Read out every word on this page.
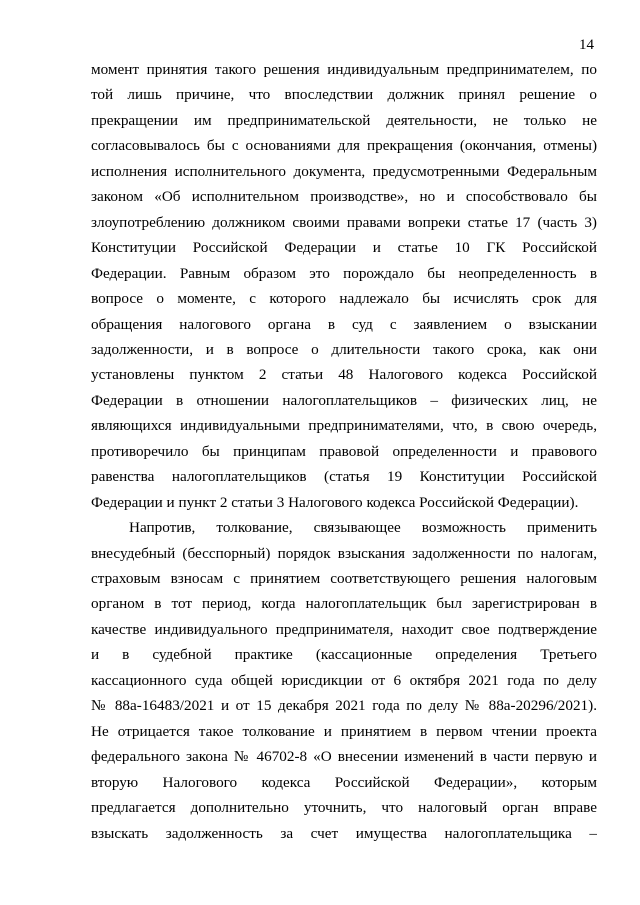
14
момент принятия такого решения индивидуальным предпринимателем, по
той лишь причине, что впоследствии должник принял решение о
прекращении им предпринимательской деятельности, не только не
согласовывалось бы с основаниями для прекращения (окончания, отмены)
исполнения исполнительного документа, предусмотренными Федеральным
законом «Об исполнительном производстве», но и способствовало бы
злоупотреблению должником своими правами вопреки статье 17 (часть 3)
Конституции Российской Федерации и статье 10 ГК Российской
Федерации. Равным образом это порождало бы неопределенность в
вопросе о моменте, с которого надлежало бы исчислять срок для
обращения налогового органа в суд с заявлением о взыскании
задолженности, и в вопросе о длительности такого срока, как они
установлены пунктом 2 статьи 48 Налогового кодекса Российской
Федерации в отношении налогоплательщиков – физических лиц, не
являющихся индивидуальными предпринимателями, что, в свою очередь,
противоречило бы принципам правовой определенности и правового
равенства налогоплательщиков (статья 19 Конституции Российской
Федерации и пункт 2 статьи 3 Налогового кодекса Российской Федерации).
Напротив, толкование, связывающее возможность применить
внесудебный (бесспорный) порядок взыскания задолженности по налогам,
страховым взносам с принятием соответствующего решения налоговым
органом в тот период, когда налогоплательщик был зарегистрирован в
качестве индивидуального предпринимателя, находит свое подтверждение
и в судебной практике (кассационные определения Третьего
кассационного суда общей юрисдикции от 6 октября 2021 года по делу
№ 88а-16483/2021 и от 15 декабря 2021 года по делу № 88а-20296/2021).
Не отрицается такое толкование и принятием в первом чтении проекта
федерального закона № 46702-8 «О внесении изменений в части первую и
вторую Налогового кодекса Российской Федерации», которым
предлагается дополнительно уточнить, что налоговый орган вправе
взыскать задолженность за счет имущества налогоплательщика –
